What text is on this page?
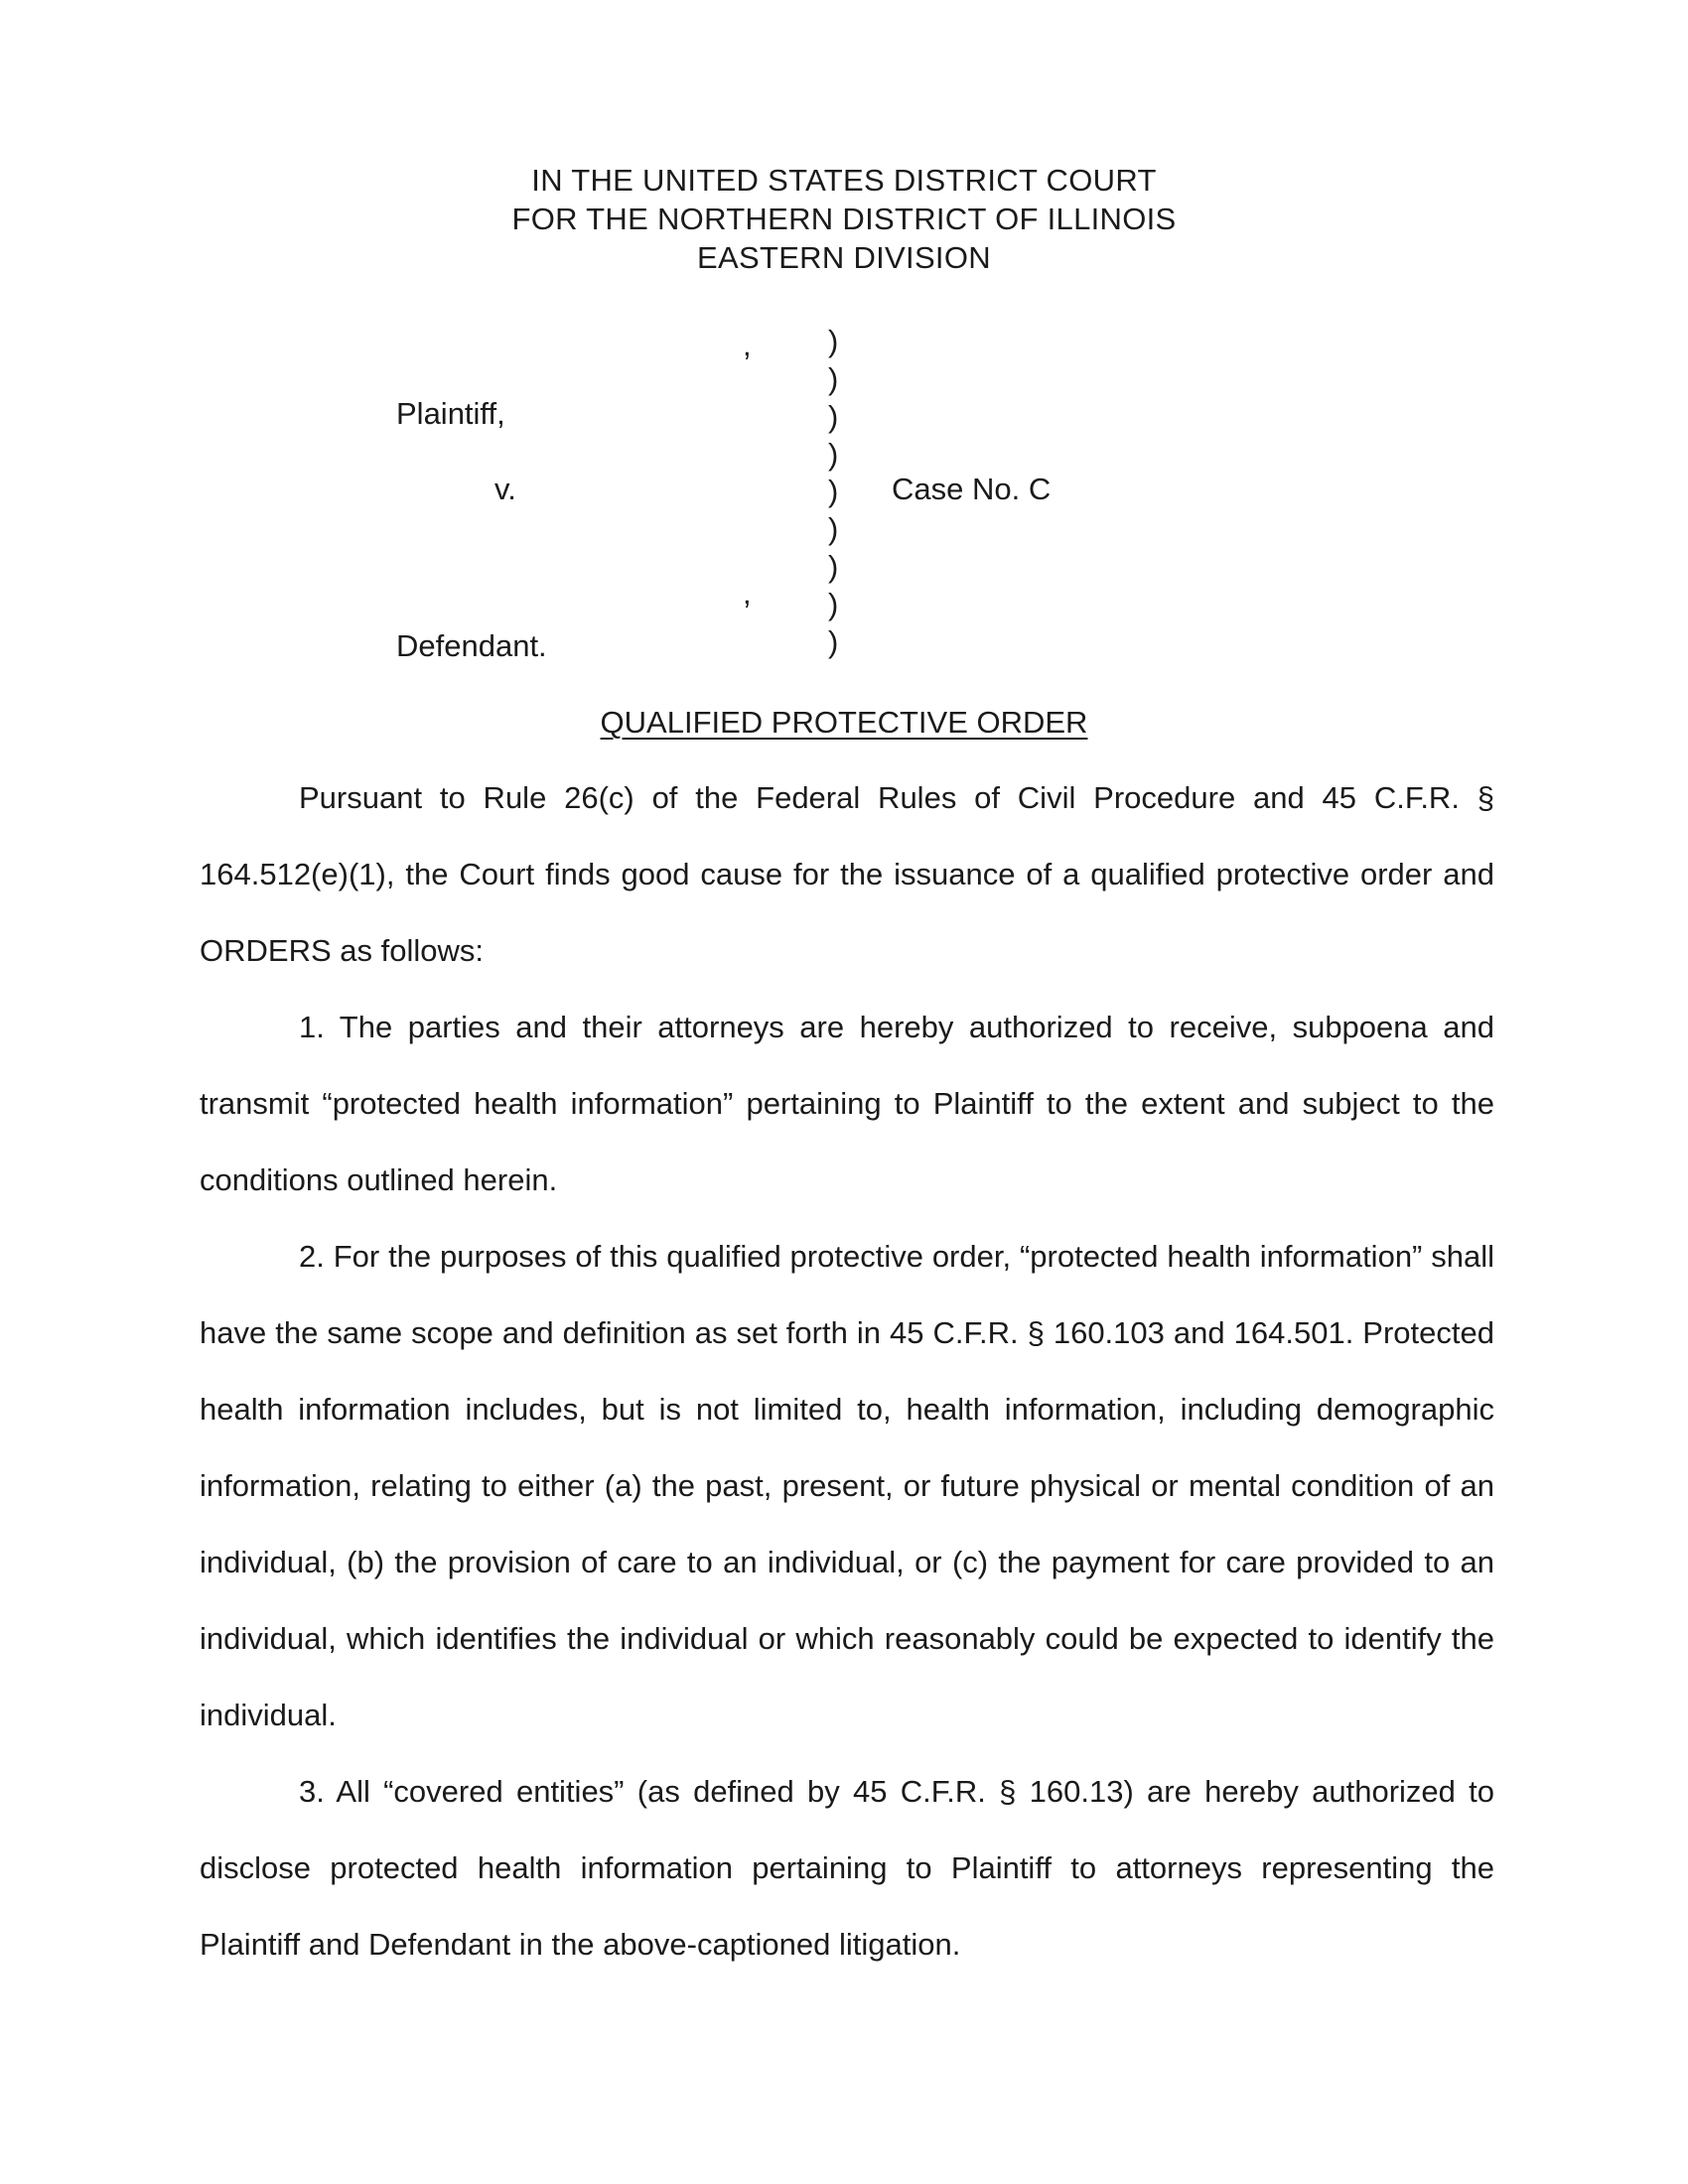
IN THE UNITED STATES DISTRICT COURT
FOR THE NORTHERN DISTRICT OF ILLINOIS
EASTERN DIVISION
,
Plaintiff,
v.
,
Defendant.
Case No. C
)
)
)
)
)
)
)
)
)
QUALIFIED PROTECTIVE ORDER

Pursuant to Rule 26(c) of the Federal Rules of Civil Procedure and 45 C.F.R. § 164.512(e)(1), the Court finds good cause for the issuance of a qualified protective order and ORDERS as follows:

1. The parties and their attorneys are hereby authorized to receive, subpoena and transmit “protected health information” pertaining to Plaintiff to the extent and subject to the conditions outlined herein.

2. For the purposes of this qualified protective order, “protected health information” shall have the same scope and definition as set forth in 45 C.F.R. § 160.103 and 164.501. Protected health information includes, but is not limited to, health information, including demographic information, relating to either (a) the past, present, or future physical or mental condition of an individual, (b) the provision of care to an individual, or (c) the payment for care provided to an individual, which identifies the individual or which reasonably could be expected to identify the individual.

3. All “covered entities” (as defined by 45 C.F.R. § 160.13) are hereby authorized to disclose protected health information pertaining to Plaintiff to attorneys representing the Plaintiff and Defendant in the above-captioned litigation.
